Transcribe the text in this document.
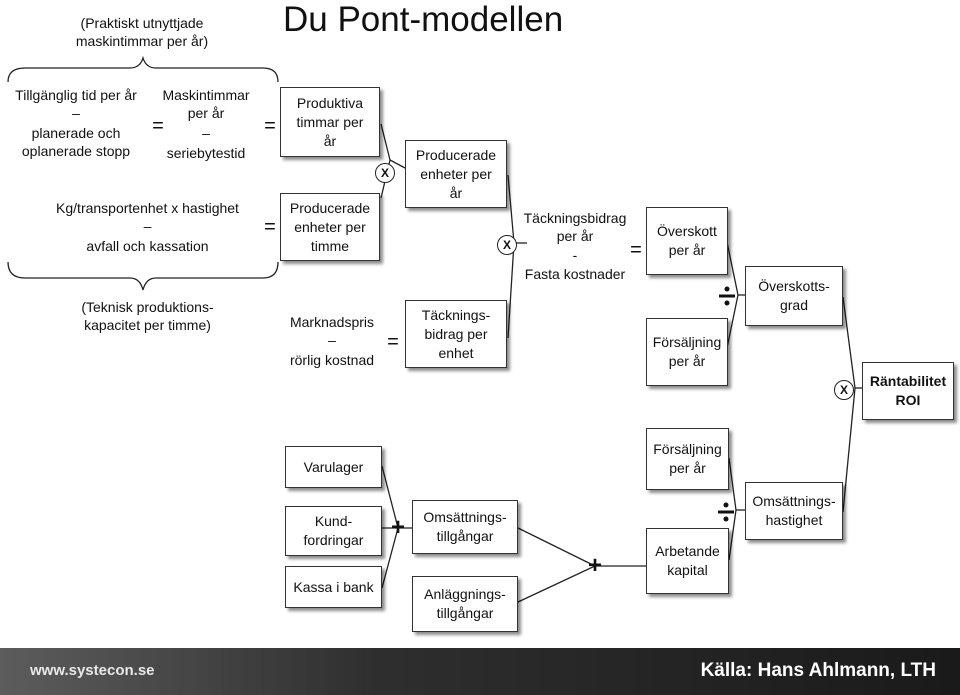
Du Pont-modellen
(Praktiskt utnyttjade
maskintimmar per år)
(Teknisk produktions-
kapacitet per timme)
Tillgänglig tid per år
–
planerade och
oplanerade stopp
=
Maskintimmar
per år
–
seriebytestid
=
Kg/transportenhet x hastighet
–
avfall och kassation
=
Produktiva
timmar per
år
Producerade
enheter per
timme
X
Marknadspris
–
rörlig kostnad
=
Producerade
enheter per
år
Täcknings-
bidrag per
enhet
X
Täckningsbidrag
per år
-
Fasta kostnader
=
Överskott
per år
Försäljning
per år
Överskotts-
grad
X
Räntabilitet
ROI
Varulager
Kund-
fordringar
Kassa i bank
+ Omsättnings-
tillgångar
Anläggnings-
tillgångar
+
Försäljning
per år
Arbetande
kapital
Omsättnings-
hastighet
www.systecon.se	Källa: Hans Ahlmann, LTH
